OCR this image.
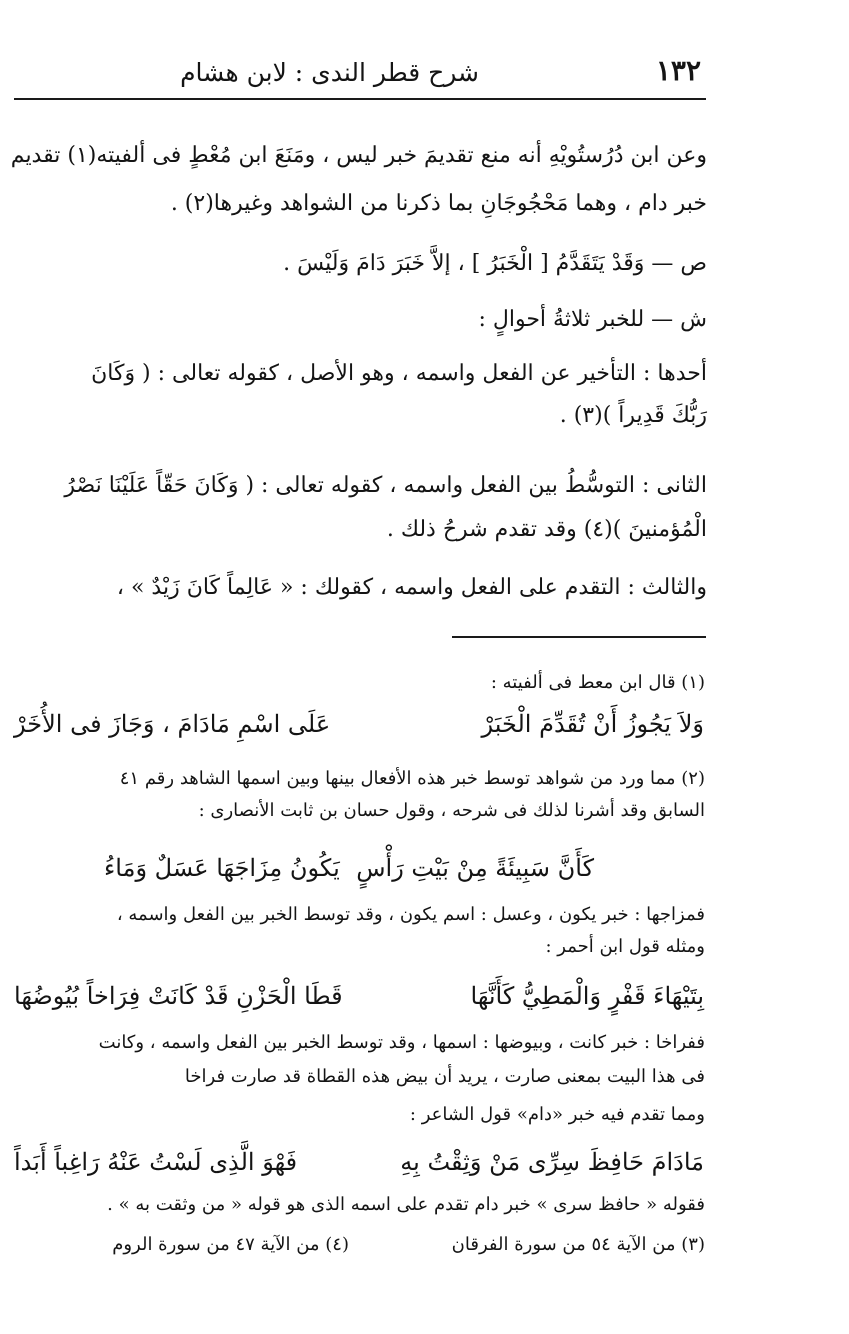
١٣٢
شرح قطر الندى : لابن هشام
وعن ابن دُرُستُويْهِ أنه منع تقديمَ خبر ليس ، ومَنَعَ ابن مُعْطٍ فى ألفيته(١) تقديم
خبر دام ، وهما مَحْجُوجَانِ بما ذكرنا من الشواهد وغيرها(٢) .
ص — وَقَدْ يَتَقَدَّمُ [ الْخَبَرُ ] ، إلاَّ خَبَرَ دَامَ وَلَيْسَ .
ش — للخبر ثلاثةُ أحوالٍ :
أحدها : التأخير عن الفعل واسمه ، وهو الأصل ، كقوله تعالى : ( وَكَانَ
رَبُّكَ قَدِيراً )(٣) .
الثانى : التوسُّطُ بين الفعل واسمه ، كقوله تعالى : ( وَكَانَ حَقّاً عَلَيْنَا نَصْرُ
الْمُؤمنينَ )(٤) وقد تقدم شرحُ ذلك .
والثالث : التقدم على الفعل واسمه ، كقولك : « عَالِماً كَانَ زَيْدٌ » ،
(١) قال ابن معط فى ألفيته :
وَلاَ يَجُوزُ أَنْ تُقَدِّمَ الْخَبَرْ
عَلَى اسْمِ مَادَامَ ، وَجَازَ فى الأُخَرْ
(٢) مما ورد من شواهد توسط خبر هذه الأفعال بينها وبين اسمها الشاهد رقم ٤١
السابق وقد أشرنا لذلك فى شرحه ، وقول حسان بن ثابت الأنصارى :
كَأَنَّ سَبِيئَةً مِنْ بَيْتِ رَأْسٍ
يَكُونُ مِزَاجَهَا عَسَلٌ وَمَاءُ
فمزاجها : خبر يكون ، وعسل : اسم يكون ، وقد توسط الخبر بين الفعل واسمه ،
ومثله قول ابن أحمر :
بِتَيْهَاءَ قَفْرٍ وَالْمَطِيُّ كَأَنَّهَا
قَطَا الْحَزْنِ قَدْ كَانَتْ فِرَاخاً بُيُوضُهَا
ففراخا : خبر كانت ، وبيوضها : اسمها ، وقد توسط الخبر بين الفعل واسمه ، وكانت
فى هذا البيت بمعنى صارت ، يريد أن بيض هذه القطاة قد صارت فراخا
ومما تقدم فيه خبر «دام» قول الشاعر :
مَادَامَ حَافِظَ سِرِّى مَنْ وَثِقْتُ بِهِ
فَهْوَ الَّذِى لَسْتُ عَنْهُ رَاغِباً أَبَداً
فقوله « حافظ سرى » خبر دام تقدم على اسمه الذى هو قوله « من وثقت به » .
(٣) من الآية ٥٤ من سورة الفرقان
(٤) من الآية ٤٧ من سورة الروم
